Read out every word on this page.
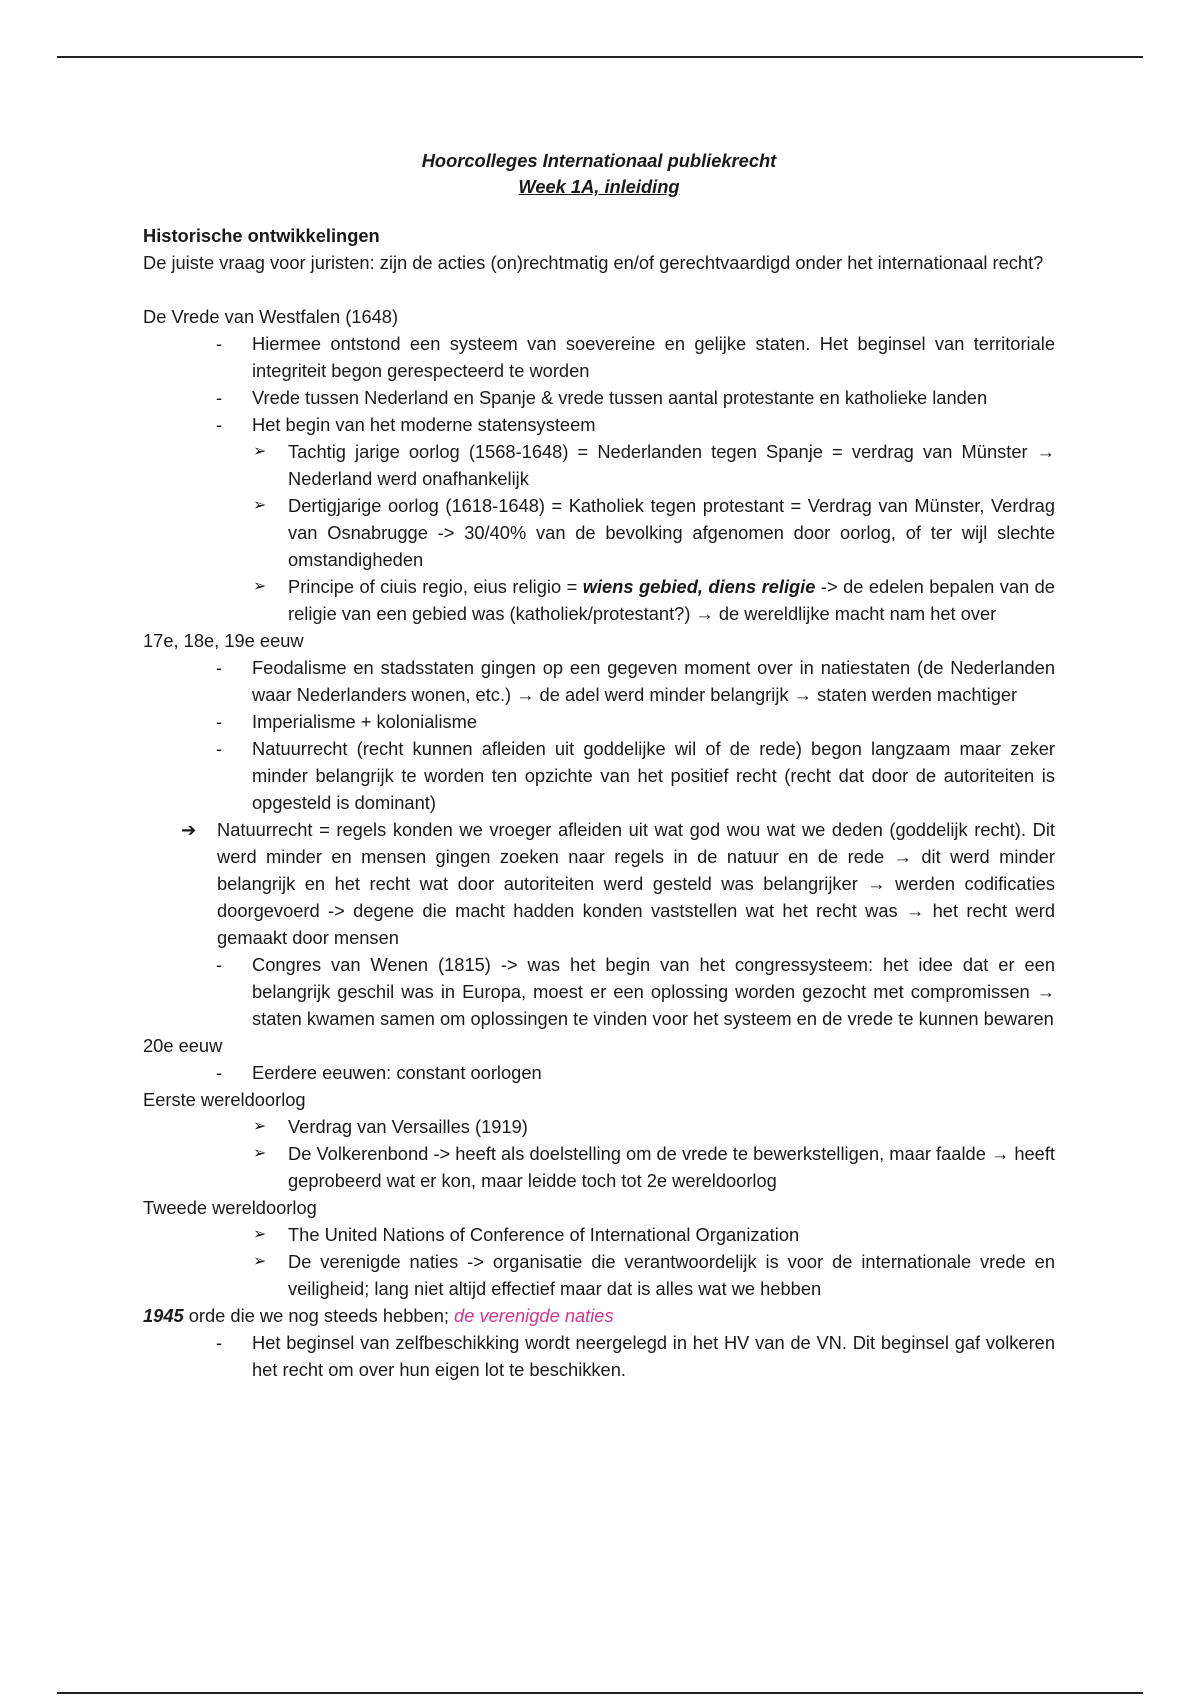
Hoorcolleges Internationaal publiekrecht
Week 1A, inleiding

Historische ontwikkelingen

De juiste vraag voor juristen: zijn de acties (on)rechtmatig en/of gerechtvaardigd onder het internationaal recht?

De Vrede van Westfalen (1648)

- Hiermee ontstond een systeem van soevereine en gelijke staten. Het beginsel van territoriale integriteit begon gerespecteerd te worden
- Vrede tussen Nederland en Spanje & vrede tussen aantal protestante en katholieke landen
- Het begin van het moderne statensysteem
➢ Tachtig jarige oorlog (1568-1648) = Nederlanden tegen Spanje = verdrag van Münster → Nederland werd onafhankelijk
➢ Dertigjarige oorlog (1618-1648) = Katholiek tegen protestant = Verdrag van Münster, Verdrag van Osnabrugge -> 30/40% van de bevolking afgenomen door oorlog, of ter wijl slechte omstandigheden
➢ Principe of ciuis regio, eius religio = wiens gebied, diens religie -> de edelen bepalen van de religie van een gebied was (katholiek/protestant?) → de wereldlijke macht nam het over

17e, 18e, 19e eeuw

- Feodalisme en stadsstaten gingen op een gegeven moment over in natiestaten (de Nederlanden waar Nederlanders wonen, etc.) → de adel werd minder belangrijk → staten werden machtiger
- Imperialisme + kolonialisme
- Natuurrecht (recht kunnen afleiden uit goddelijke wil of de rede) begon langzaam maar zeker minder belangrijk te worden ten opzichte van het positief recht (recht dat door de autoriteiten is opgesteld is dominant)
➔ Natuurrecht = regels konden we vroeger afleiden uit wat god wou wat we deden (goddelijk recht). Dit werd minder en mensen gingen zoeken naar regels in de natuur en de rede → dit werd minder belangrijk en het recht wat door autoriteiten werd gesteld was belangrijker → werden codificaties doorgevoerd -> degene die macht hadden konden vaststellen wat het recht was → het recht werd gemaakt door mensen
- Congres van Wenen (1815) -> was het begin van het congressysteem: het idee dat er een belangrijk geschil was in Europa, moest er een oplossing worden gezocht met compromissen → staten kwamen samen om oplossingen te vinden voor het systeem en de vrede te kunnen bewaren

20e eeuw

- Eerdere eeuwen: constant oorlogen

Eerste wereldoorlog

➢ Verdrag van Versailles (1919)
➢ De Volkerenbond -> heeft als doelstelling om de vrede te bewerkstelligen, maar faalde → heeft geprobeerd wat er kon, maar leidde toch tot 2e wereldoorlog

Tweede wereldoorlog

➢ The United Nations of Conference of International Organization
➢ De verenigde naties -> organisatie die verantwoordelijk is voor de internationale vrede en veiligheid; lang niet altijd effectief maar dat is alles wat we hebben

1945 orde die we nog steeds hebben; de verenigde naties

- Het beginsel van zelfbeschikking wordt neergelegd in het HV van de VN. Dit beginsel gaf volkeren het recht om over hun eigen lot te beschikken.
